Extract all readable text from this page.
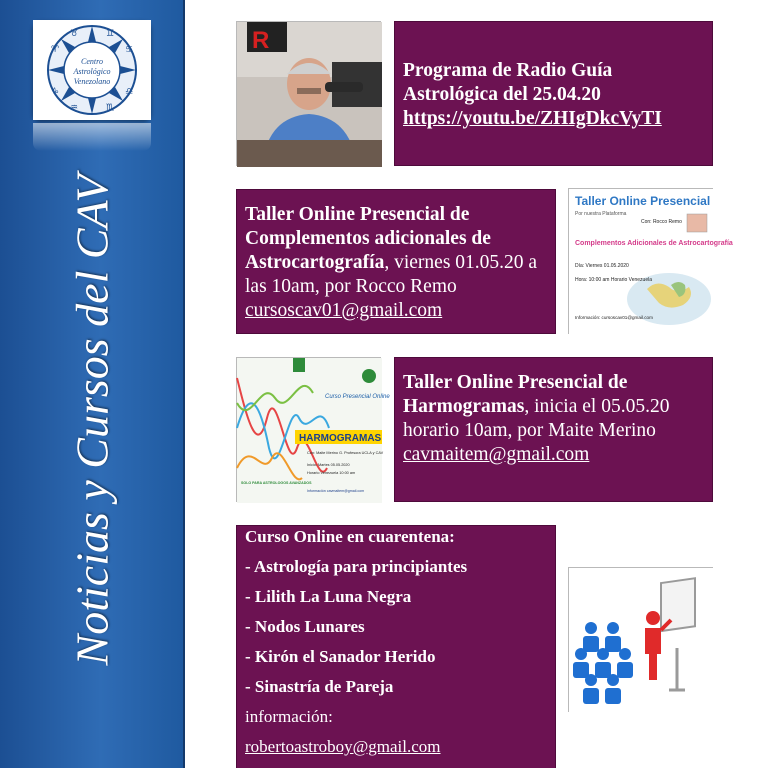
Centro
Astrológico
Venezolano
♈	♋
♑	♎
♉	♊
♒	♏
Noticias y Cursos del CAV
R
Programa de Radio Guía Astrológica del 25.04.20
https://youtu.be/ZHIgDkcVyTI
Taller Online Presencial de Complementos adicionales de Astrocartografía, viernes 01.05.20 a las 10am, por Rocco Remo cursoscav01@gmail.com
Taller Online Presencial
Por nuestra Plataforma
Con: Rocco Remo
Complementos Adicionales de Astrocartografía
Día: Viernes 01.05.2020
Hora: 10:00 am Horario Venezuela
Información: cursoscav01@gmail.com
Curso Presencial Online
HARMOGRAMAS
Con: Maite Merino G. Profesora UCLA y CAV
Inicio: Martes 05.05.2020
Horario Venezuela 10:00 am
SOLO PARA ASTROLOGOS AVANZADOS
Información cavmaitem@gmail.com
Taller Online Presencial de Harmogramas, inicia el 05.05.20 horario 10am, por Maite Merino cavmaitem@gmail.com
Curso Online en cuarentena:
- Astrología para principiantes
- Lilith La Luna Negra
- Nodos Lunares
- Kirón el Sanador Herido
- Sinastría de Pareja
información:
robertoastroboy@gmail.com
